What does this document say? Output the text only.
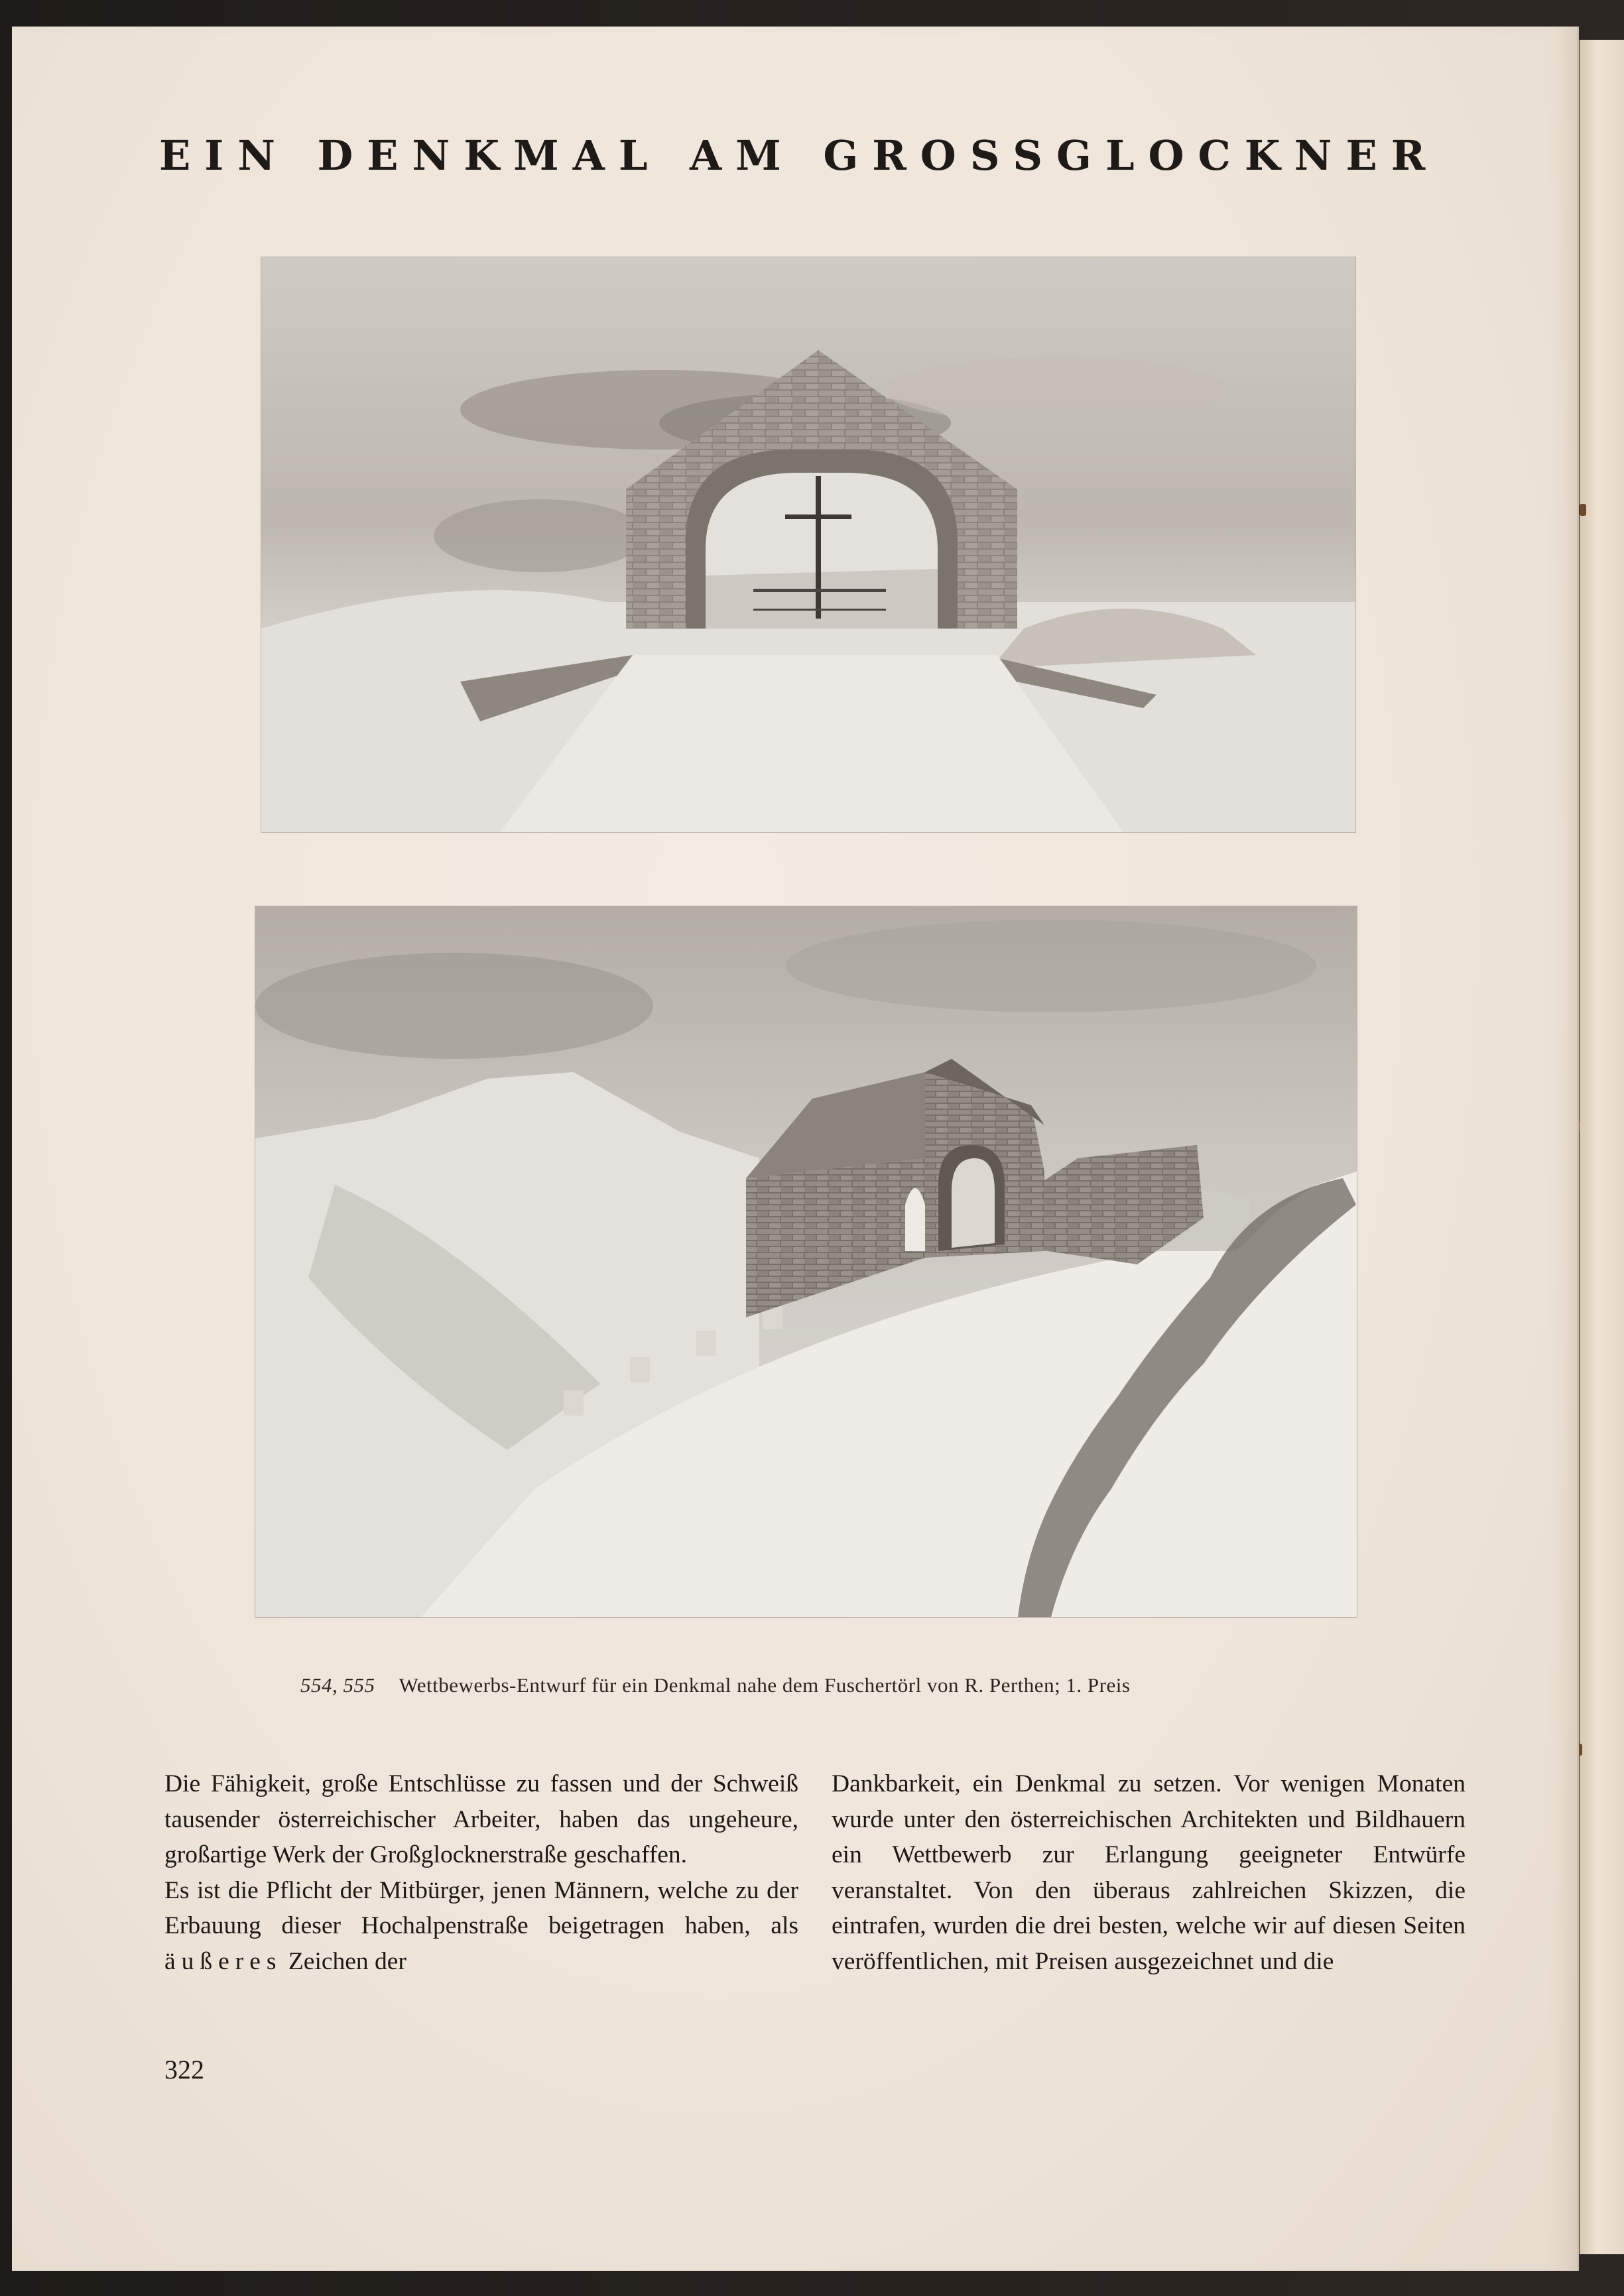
EIN DENKMAL AM GROSSGLOCKNER
554, 555 Wettbewerbs-Entwurf für ein Denkmal nahe dem Fuschertörl von R. Perthen; 1. Preis

Die Fähigkeit, große Entschlüsse zu fassen und der Schweiß tausender österreichischer Arbeiter, haben das ungeheure, großartige Werk der Großglocknerstraße geschaffen.

Es ist die Pflicht der Mitbürger, jenen Männern, welche zu der Erbauung dieser Hochalpenstraße beigetragen haben, als äußeres Zeichen der

Dankbarkeit, ein Denkmal zu setzen. Vor wenigen Monaten wurde unter den österreichischen Architekten und Bildhauern ein Wettbewerb zur Erlangung geeigneter Entwürfe veranstaltet. Von den überaus zahlreichen Skizzen, die eintrafen, wurden die drei besten, welche wir auf diesen Seiten veröffentlichen, mit Preisen ausgezeichnet und die

322
